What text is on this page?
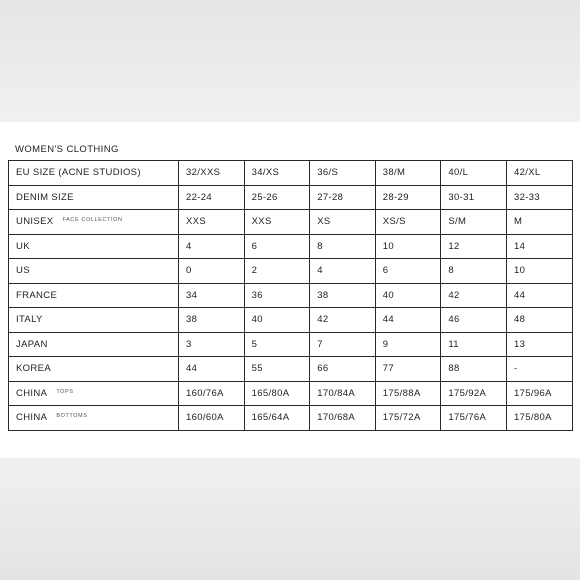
WOMEN'S CLOTHING
EU SIZE (ACNE STUDIOS)	32/XXS	34/XS	36/S	38/M	40/L	42/XL
DENIM SIZE	22-24	25-26	27-28	28-29	30-31	32-33
UNISEX $^{FACE COLLECTION}$	XXS	XXS	XS	XS/S	S/M	M
UK	4	6	8	10	12	14
US	0	2	4	6	8	10
FRANCE	34	36	38	40	42	44
ITALY	38	40	42	44	46	48
JAPAN	3	5	7	9	11	13
KOREA	44	55	66	77	88	-
CHINA $^{TOPS}$	160/76A	165/80A	170/84A	175/88A	175/92A	175/96A
CHINA $^{BOTTOMS}$	160/60A	165/64A	170/68A	175/72A	175/76A	175/80A
